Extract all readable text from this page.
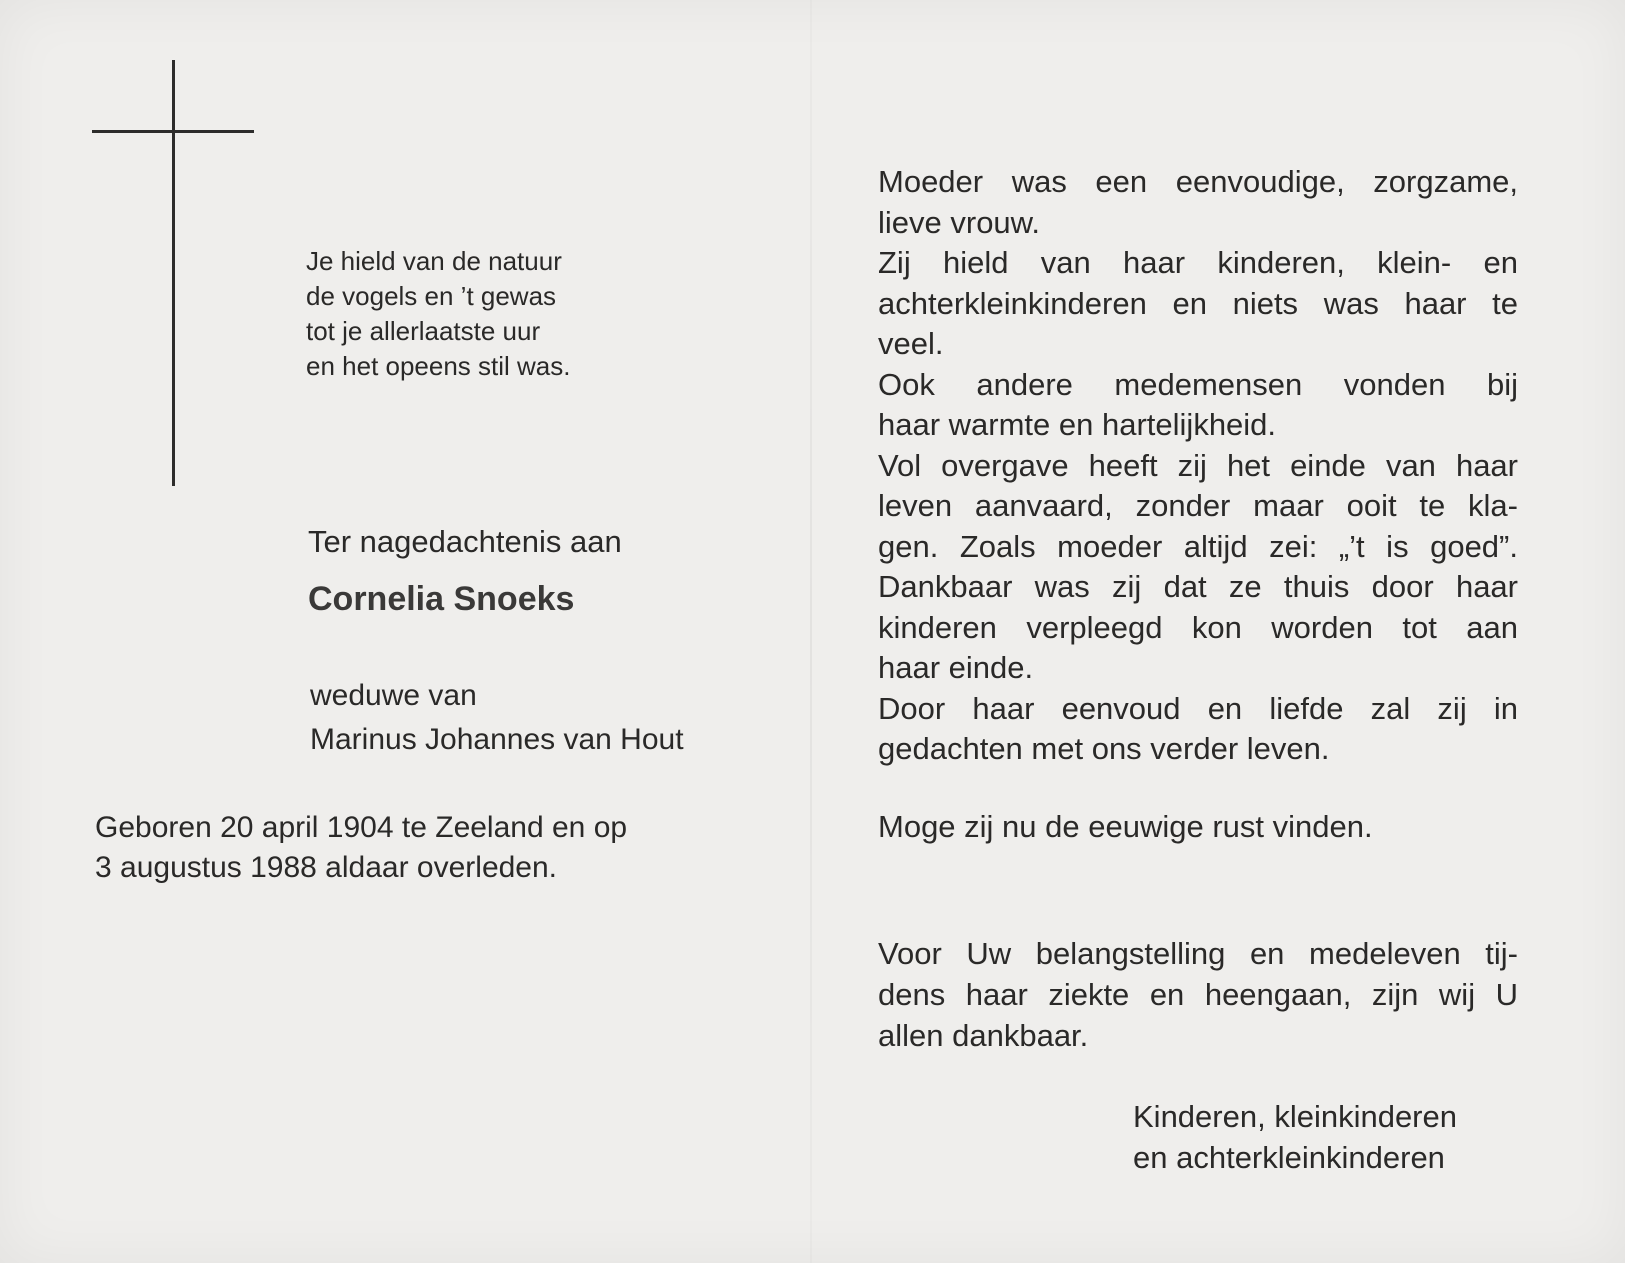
Je hield van de natuur
de vogels en ’t gewas
tot je allerlaatste uur
en het opeens stil was.
Ter nagedachtenis aan
Cornelia Snoeks
weduwe van
Marinus Johannes van Hout
Geboren 20 april 1904 te Zeeland en op
3 augustus 1988 aldaar overleden.
Moeder was een eenvoudige, zorgzame,
lieve vrouw.
Zij hield van haar kinderen, klein- en
achterkleinkinderen en niets was haar te
veel.
Ook andere medemensen vonden bij
haar warmte en hartelijkheid.
Vol overgave heeft zij het einde van haar
leven aanvaard, zonder maar ooit te kla-
gen. Zoals moeder altijd zei: „’t is goed”.
Dankbaar was zij dat ze thuis door haar
kinderen verpleegd kon worden tot aan
haar einde.
Door haar eenvoud en liefde zal zij in
gedachten met ons verder leven.
Moge zij nu de eeuwige rust vinden.
Voor Uw belangstelling en medeleven tij-
dens haar ziekte en heengaan, zijn wij U
allen dankbaar.
Kinderen, kleinkinderen
en achterkleinkinderen
